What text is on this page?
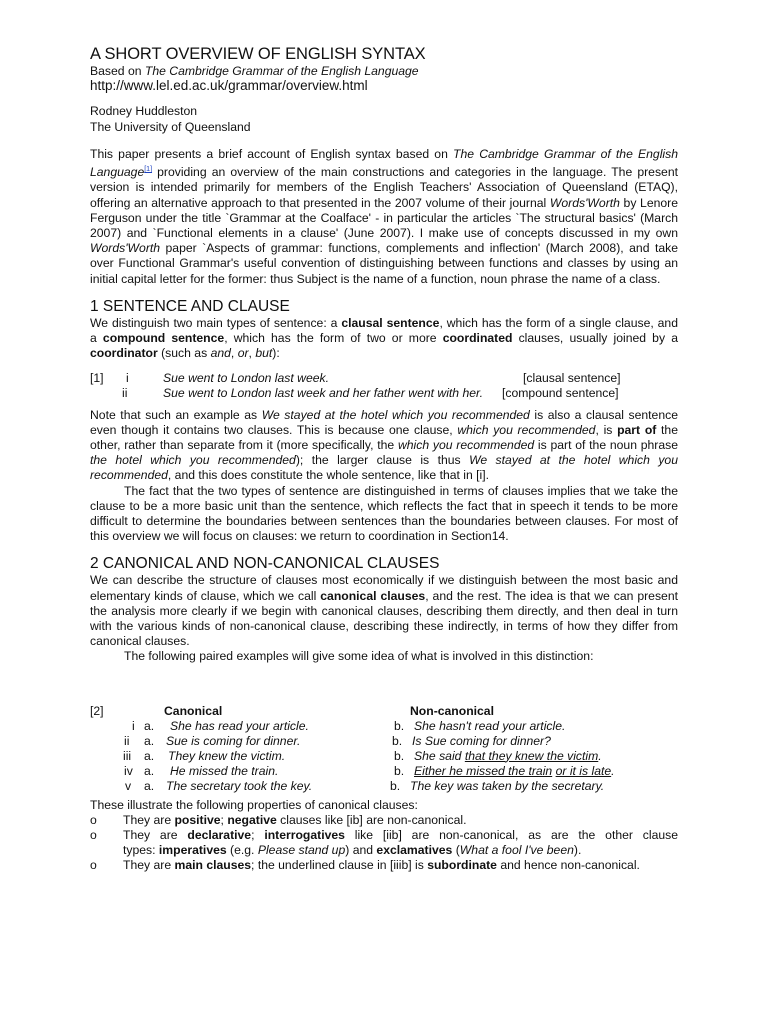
A SHORT OVERVIEW OF ENGLISH SYNTAX
Based on The Cambridge Grammar of the English Language
http://www.lel.ed.ac.uk/grammar/overview.html
Rodney Huddleston
The University of Queensland

This paper presents a brief account of English syntax based on The Cambridge Grammar of the English Language[1] providing an overview of the main constructions and categories in the language. The present version is intended primarily for members of the English Teachers' Association of Queensland (ETAQ), offering an alternative approach to that presented in the 2007 volume of their journal Words'Worth by Lenore Ferguson under the title `Grammar at the Coalface' - in particular the articles `The structural basics' (March 2007) and `Functional elements in a clause' (June 2007). I make use of concepts discussed in my own Words'Worth paper `Aspects of grammar: functions, complements and inflection' (March 2008), and take over Functional Grammar's useful convention of distinguishing between functions and classes by using an initial capital letter for the former: thus Subject is the name of a function, noun phrase the name of a class.

1 SENTENCE AND CLAUSE

We distinguish two main types of sentence: a clausal sentence, which has the form of a single clause, and a compound sentence, which has the form of two or more coordinated clauses, usually joined by a coordinator (such as and, or, but):

[1] i	Sue went to London last week.	[clausal sentence]
ii	Sue went to London last week and her father went with her. [compound sentence]

Note that such an example as We stayed at the hotel which you recommended is also a clausal sentence even though it contains two clauses. This is because one clause, which you recommended, is part of the other, rather than separate from it (more specifically, the which you recommended is part of the noun phrase the hotel which you recommended); the larger clause is thus We stayed at the hotel which you recommended, and this does constitute the whole sentence, like that in [i].

The fact that the two types of sentence are distinguished in terms of clauses implies that we take the clause to be a more basic unit than the sentence, which reflects the fact that in speech it tends to be more difficult to determine the boundaries between sentences than the boundaries between clauses. For most of this overview we will focus on clauses: we return to coordination in Section14.

2 CANONICAL AND NON-CANONICAL CLAUSES

We can describe the structure of clauses most economically if we distinguish between the most basic and elementary kinds of clause, which we call canonical clauses, and the rest. The idea is that we can present the analysis more clearly if we begin with canonical clauses, describing them directly, and then deal in turn with the various kinds of non-canonical clause, describing these indirectly, in terms of how they differ from canonical clauses.

The following paired examples will give some idea of what is involved in this distinction:

[2]	Canonical	Non-canonical
i a. She has read your article.	b. She hasn't read your article.
ii a. Sue is coming for dinner.	b. Is Sue coming for dinner?
iii a. They knew the victim.	b. She said that they knew the victim.
iv a. He missed the train.	b. Either he missed the train or it is late.
v a. The secretary took the key.	b. The key was taken by the secretary.

These illustrate the following properties of canonical clauses:

o	They are positive; negative clauses like [ib] are non-canonical.
o	They are declarative; interrogatives like [iib] are non-canonical, as are the other clause
types: imperatives (e.g. Please stand up) and exclamatives (What a fool I've been).
o	They are main clauses; the underlined clause in [iiib] is subordinate and hence non-canonical.
